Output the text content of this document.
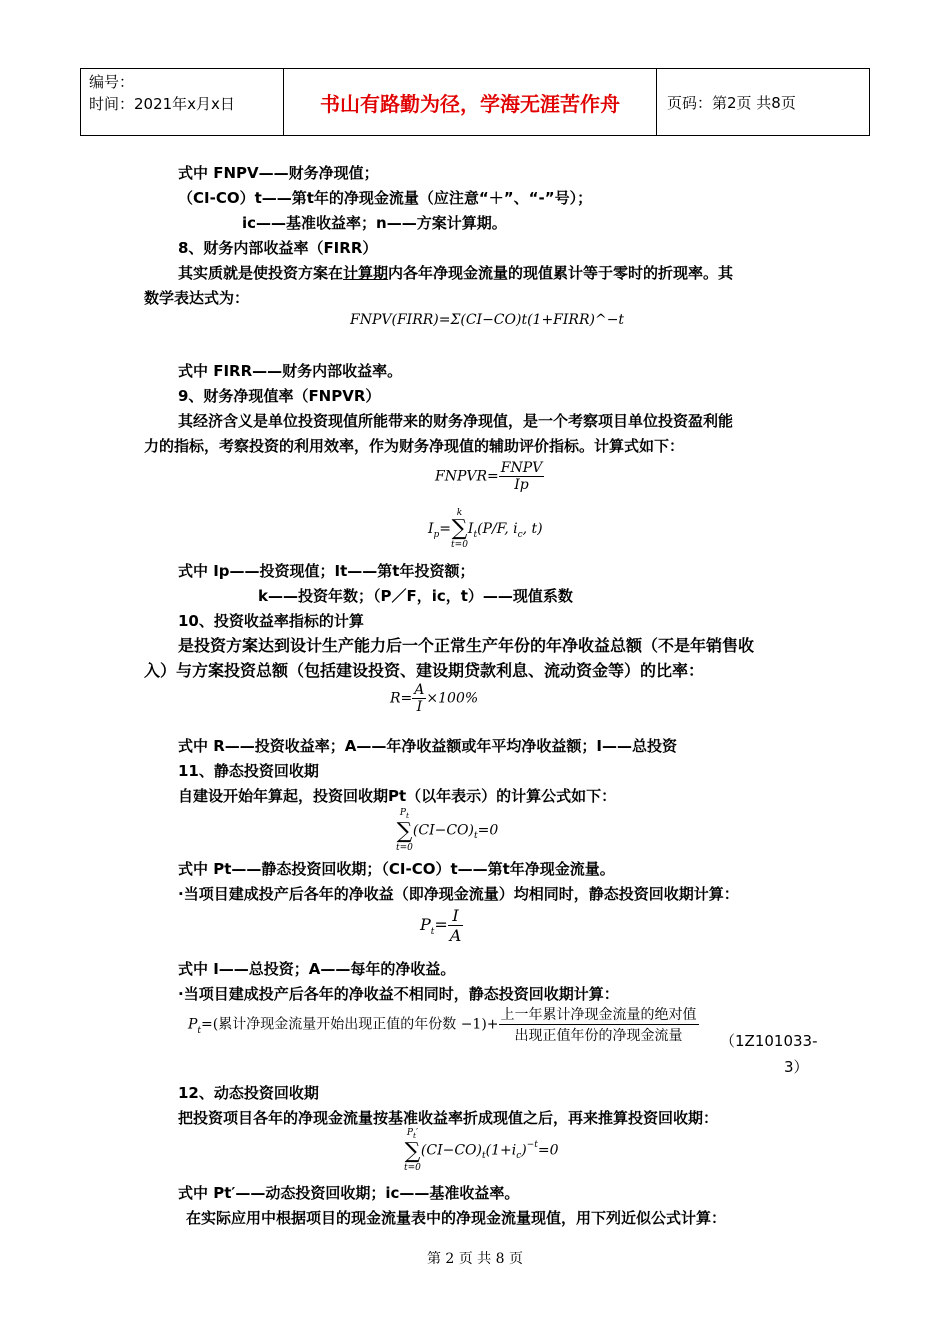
编号：
时间：2021年x月x日	书山有路勤为径，学海无涯苦作舟	页码：第2页 共8页
式中 FNPV——财务净现值；
（CI-CO）t——第t年的净现金流量（应注意“＋”、“-”号）；
ic——基准收益率；n——方案计算期。
8、财务内部收益率（FIRR）
其实质就是使投资方案在计算期内各年净现金流量的现值累计等于零时的折现率。其
数学表达式为：
FNPV(FIRR)=Σ(CI−CO)t(1+FIRR)^−t
式中 FIRR——财务内部收益率。
9、财务净现值率（FNPVR）
其经济含义是单位投资现值所能带来的财务净现值，是一个考察项目单位投资盈利能
力的指标，考察投资的利用效率，作为财务净现值的辅助评价指标。计算式如下：
FNPVR= $\frac{\text{FNPV}}{Ip}$
$I_p=$
k
∑
t=0
$I_t(P/F$, $i_c$, t)
式中 Ip——投资现值；It——第t年投资额；
k——投资年数；（P／F，ic，t）——现值系数
10、投资收益率指标的计算
是投资方案达到设计生产能力后一个正常生产年份的年净收益总额（不是年销售收
入）与方案投资总额（包括建设投资、建设期贷款利息、流动资金等）的比率：
$R= \frac{A}{I} \times 100\%$
式中 R——投资收益率；A——年净收益额或年平均净收益额；I——总投资
11、静态投资回收期
自建设开始年算起，投资回收期Pt（以年表示）的计算公式如下：
$P_t$
∑
t=0
$(CI-CO)_t=0$
式中 Pt——静态投资回收期；（CI-CO）t——第t年净现金流量。
·当项目建成投产后各年的净收益（即净现金流量）均相同时，静态投资回收期计算：
$P_t= \frac{I}{A}$
式中 I——总投资；A——每年的净收益。
·当项目建成投产后各年的净收益不相同时，静态投资回收期计算：
$P_t=$(累计净现金流量开始出现正值的年份数 $-1)+ \frac{\text{上一年累计净现金流量的绝对值}}{\text{出现正值年份的净现金流量}} (1Z101033-$
3）
12、动态投资回收期
把投资项目各年的净现金流量按基准收益率折成现值之后，再来推算投资回收期：
$P_t'$
∑
t=0
$(CI-CO)_t(1+i_c)^{-t}=0$
式中 Pt′——动态投资回收期；ic——基准收益率。
在实际应用中根据项目的现金流量表中的净现金流量现值，用下列近似公式计算：
第 2 页 共 8 页
